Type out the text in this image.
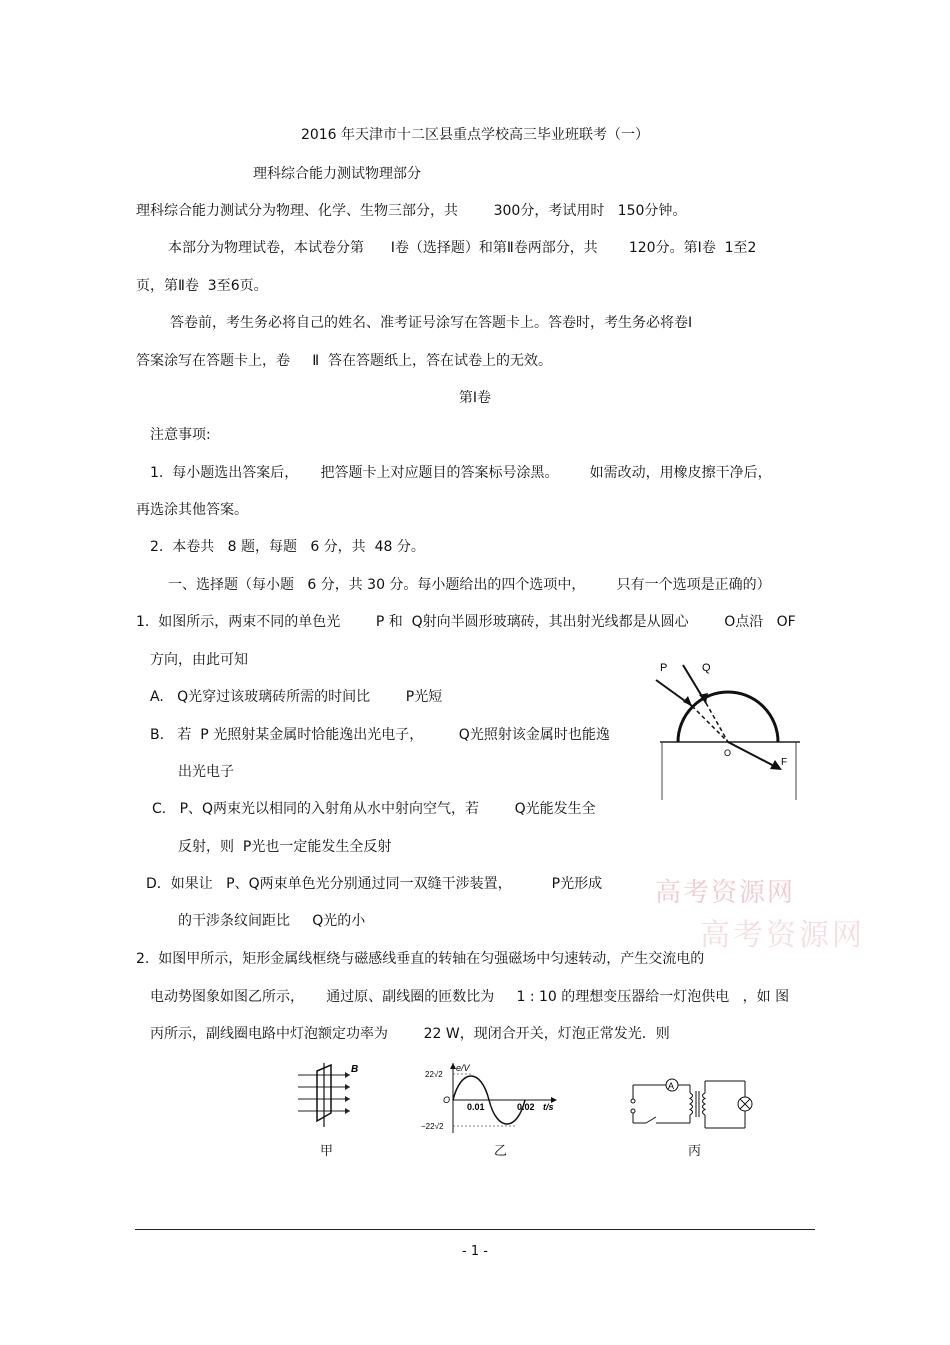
2016 年天津市十二区县重点学校高三毕业班联考（一）
理科综合能力测试物理部分
理科综合能力测试分为物理、化学、生物三部分，共        300分，考试用时   150分钟。
本部分为物理试卷，本试卷分第      Ⅰ卷（选择题）和第Ⅱ卷两部分，共       120分。第Ⅰ卷  1至2
页，第Ⅱ卷  3至6页。
答卷前，考生务必将自己的姓名、准考证号涂写在答题卡上。答卷时，考生务必将卷Ⅰ
答案涂写在答题卡上，卷     Ⅱ  答在答题纸上，答在试卷上的无效。
第Ⅰ卷
注意事项:
1.  每小题选出答案后，     把答题卡上对应题目的答案标号涂黑。       如需改动，用橡皮擦干净后，
再选涂其他答案。
2.  本卷共   8 题，每题   6 分，共  48 分。
一、选择题（每小题   6 分，共 30 分。每小题给出的四个选项中，       只有一个选项是正确的）
1.  如图所示，两束不同的单色光        P 和  Q射向半圆形玻璃砖，其出射光线都是从圆心        O点沿   OF
方向，由此可知
A.   Q光穿过该玻璃砖所需的时间比        P光短
B.   若  P 光照射某金属时恰能逸出光电子，        Q光照射该金属时也能逸
出光电子
C.   P、Q两束光以相同的入射角从水中射向空气，若        Q光能发生全
反射，则  P光也一定能发生全反射
D．如果让   P、Q两束单色光分别通过同一双缝干涉装置，         P光形成
的干涉条纹间距比     Q光的小
P	Q
O
F
高考资源网
高考资源网
2.  如图甲所示，矩形金属线框绕与磁感线垂直的转轴在匀强磁场中匀速转动，产生交流电的
电动势图象如图乙所示，     通过原、副线圈的匝数比为     1 : 10 的理想变压器给一灯泡供电   ，如 图
丙所示，副线圈电路中灯泡额定功率为        22 W，现闭合开关，灯泡正常发光．则
B
甲
e/V
22√2
O
−22√2
0.01	0.02 t/s
乙
A
丙
- 1 -
